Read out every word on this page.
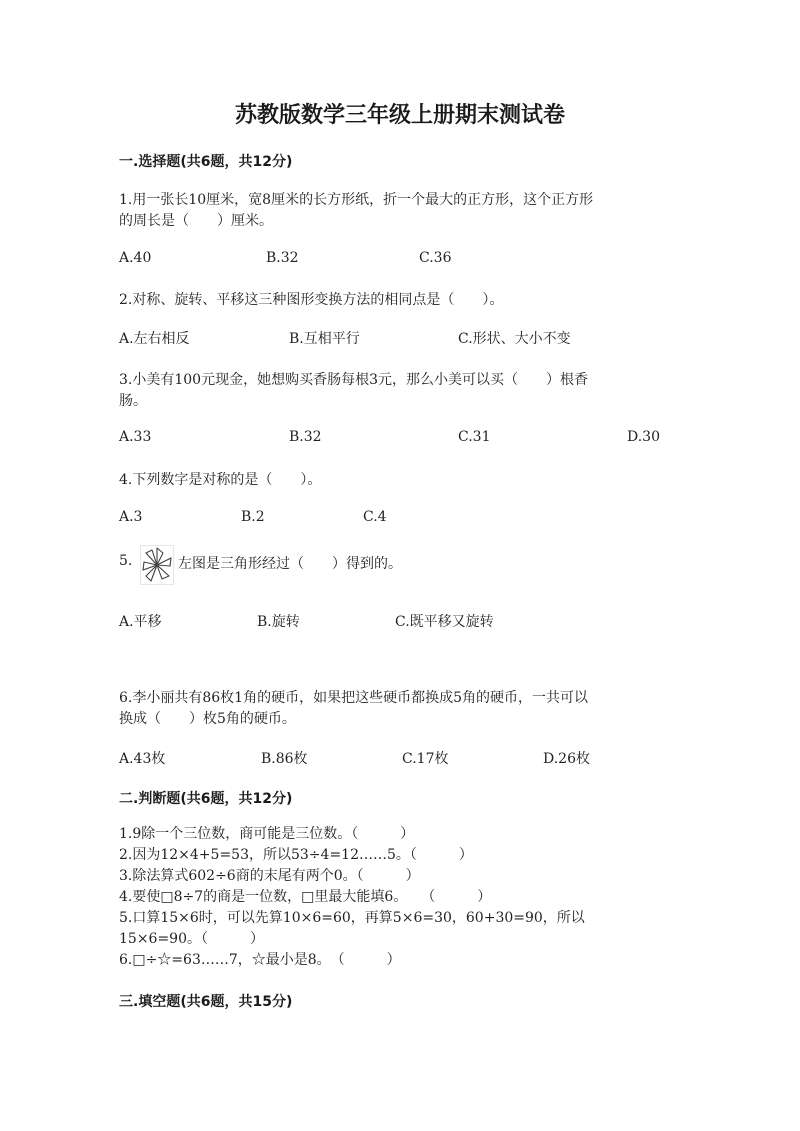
苏教版数学三年级上册期末测试卷
一.选择题(共6题，共12分)
1.用一张长10厘米，宽8厘米的长方形纸，折一个最大的正方形，这个正方形
的周长是（　　）厘米。
A.40	B.32	C.36
2.对称、旋转、平移这三种图形变换方法的相同点是（　　）。
A.左右相反	B.互相平行	C.形状、大小不变
3.小美有100元现金，她想购买香肠每根3元，那么小美可以买（　　）根香
肠。
A.33	B.32	C.31	D.30
4.下列数字是对称的是（　　）。
A.3	B.2	C.4
5.	左图是三角形经过（　　）得到的。
A.平移	B.旋转	C.既平移又旋转
6.李小丽共有86枚1角的硬币，如果把这些硬币都换成5角的硬币，一共可以
换成（　　）枚5角的硬币。
A.43枚	B.86枚	C.17枚	D.26枚
二.判断题(共6题，共12分)
1.9除一个三位数，商可能是三位数。（　　　）
2.因为12×4+5=53，所以53÷4=12……5。（　　　）
3.除法算式602÷6商的末尾有两个0。（　　　）
4.要使□8÷7的商是一位数，□里最大能填6。　　（　　　）
5.口算15×6时，可以先算10×6=60，再算5×6=30，60+30=90，所以
15×6=90。（　　　）
6.□÷☆=63……7，☆最小是8。　（　　　）
三.填空题(共6题，共15分)
